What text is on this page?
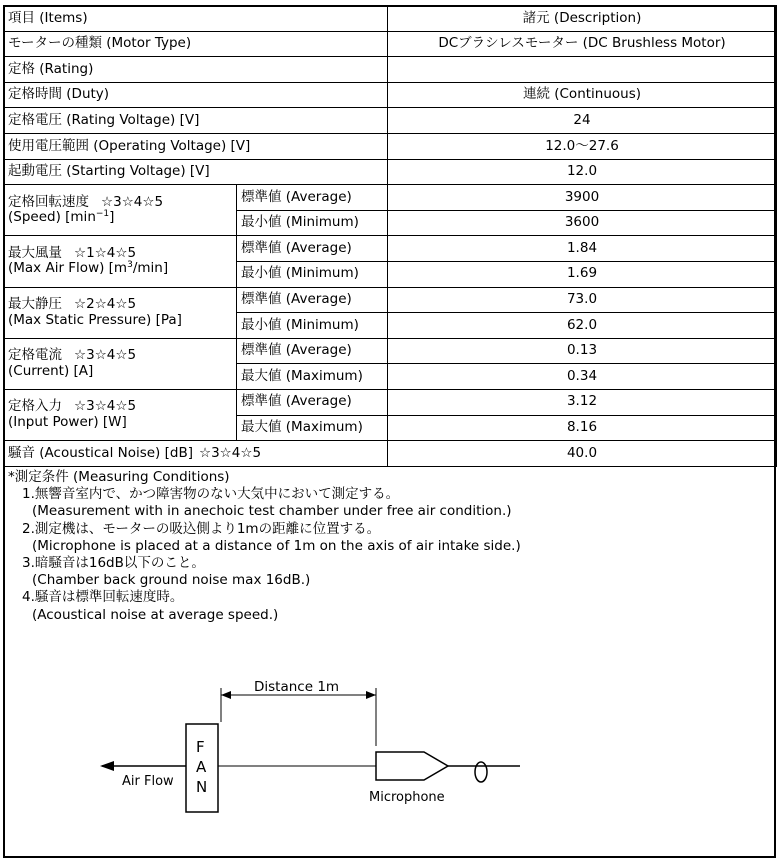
項目 (Items)		諸元 (Description)
モーターの種類 (Motor Type)		DCブラシレスモーター (DC Brushless Motor)
定格 (Rating)		
定格時間 (Duty)		連続 (Continuous)
定格電圧 (Rating Voltage) [V]		24
使用電圧範囲 (Operating Voltage) [V]		12.0～27.6
起動電圧 (Starting Voltage) [V]		12.0
定格回転速度 ☆3☆4☆5
(Speed) $[\min^{-1}]$	標準値 (Average)	3900
	最小値 (Minimum)	3600
最大風量 ☆1☆4☆5
(Max Air Flow) $[m^3/\min]$	標準値 (Average)	1.84
	最小値 (Minimum)	1.69
最大静圧 ☆2☆4☆5
(Max Static Pressure) [Pa]	標準値 (Average)	73.0
	最小値 (Minimum)	62.0
定格電流 ☆3☆4☆5
(Current) [A]	標準値 (Average)	0.13
	最大値 (Maximum)	0.34
定格入力 ☆3☆4☆5
(Input Power) [W]	標準値 (Average)	3.12
	最大値 (Maximum)	8.16
騒音 (Acoustical Noise) [dB] ☆3☆4☆5		40.0
*測定条件 (Measuring Conditions)
1.無響音室内で、かつ障害物のない大気中において測定する。
(Measurement with in anechoic test chamber under free air condition.)
2.測定機は、モーターの吸込側より1mの距離に位置する。
(Microphone is placed at a distance of 1m on the axis of air intake side.)
3.暗騒音は16dB以下のこと。
(Chamber back ground noise max 16dB.)
4.騒音は標準回転速度時。
(Acoustical noise at average speed.)
Distance 1m
Air Flow
F
A
N
Microphone
